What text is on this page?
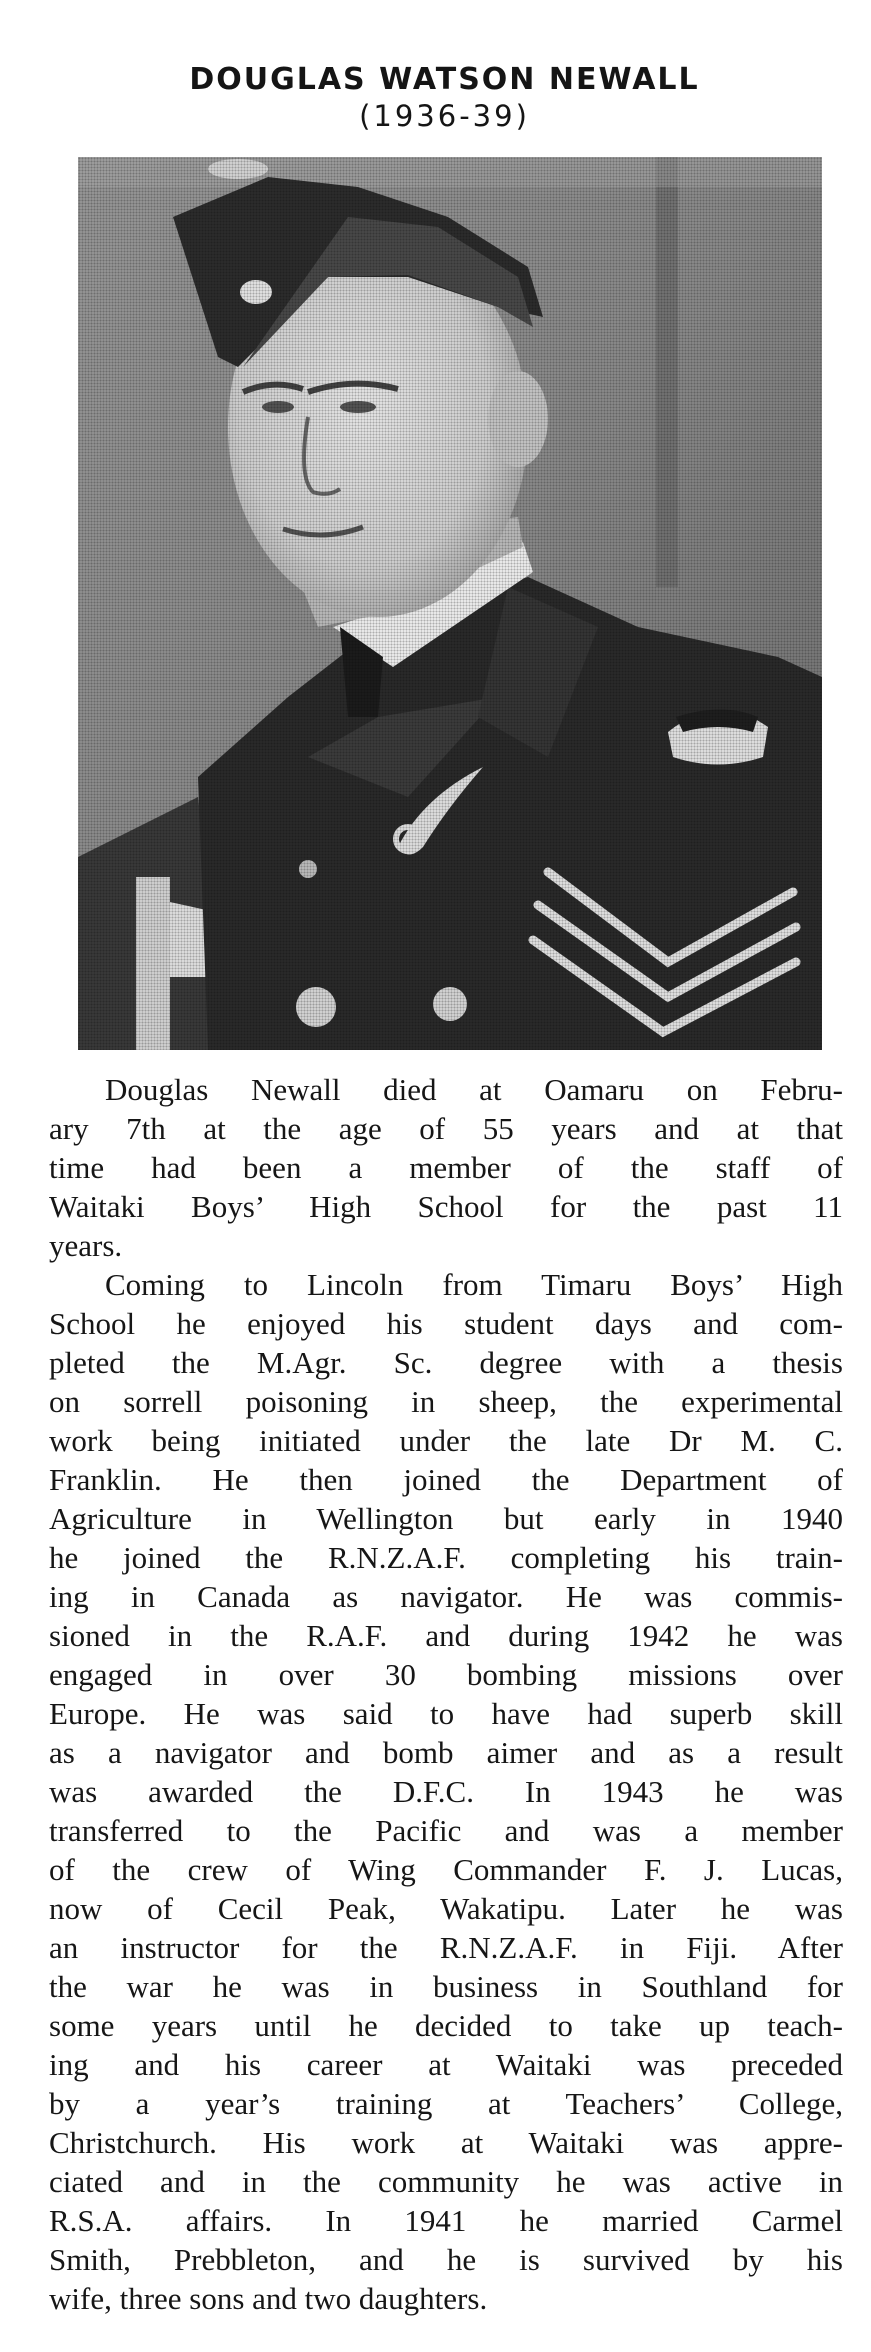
DOUGLAS WATSON NEWALL
(1936-39)
Douglas Newall died at Oamaru on Febru-
ary 7th at the age of 55 years and at that
time had been a member of the staff of
Waitaki Boys’ High School for the past 11
years.
Coming to Lincoln from Timaru Boys’ High
School he enjoyed his student days and com-
pleted the M.Agr. Sc. degree with a thesis
on sorrell poisoning in sheep, the experimental
work being initiated under the late Dr M. C.
Franklin. He then joined the Department of
Agriculture in Wellington but early in 1940
he joined the R.N.Z.A.F. completing his train-
ing in Canada as navigator. He was commis-
sioned in the R.A.F. and during 1942 he was
engaged in over 30 bombing missions over
Europe. He was said to have had superb skill
as a navigator and bomb aimer and as a result
was awarded the D.F.C. In 1943 he was
transferred to the Pacific and was a member
of the crew of Wing Commander F. J. Lucas,
now of Cecil Peak, Wakatipu. Later he was
an instructor for the R.N.Z.A.F. in Fiji. After
the war he was in business in Southland for
some years until he decided to take up teach-
ing and his career at Waitaki was preceded
by a year’s training at Teachers’ College,
Christchurch. His work at Waitaki was appre-
ciated and in the community he was active in
R.S.A. affairs. In 1941 he married Carmel
Smith, Prebbleton, and he is survived by his
wife, three sons and two daughters.
